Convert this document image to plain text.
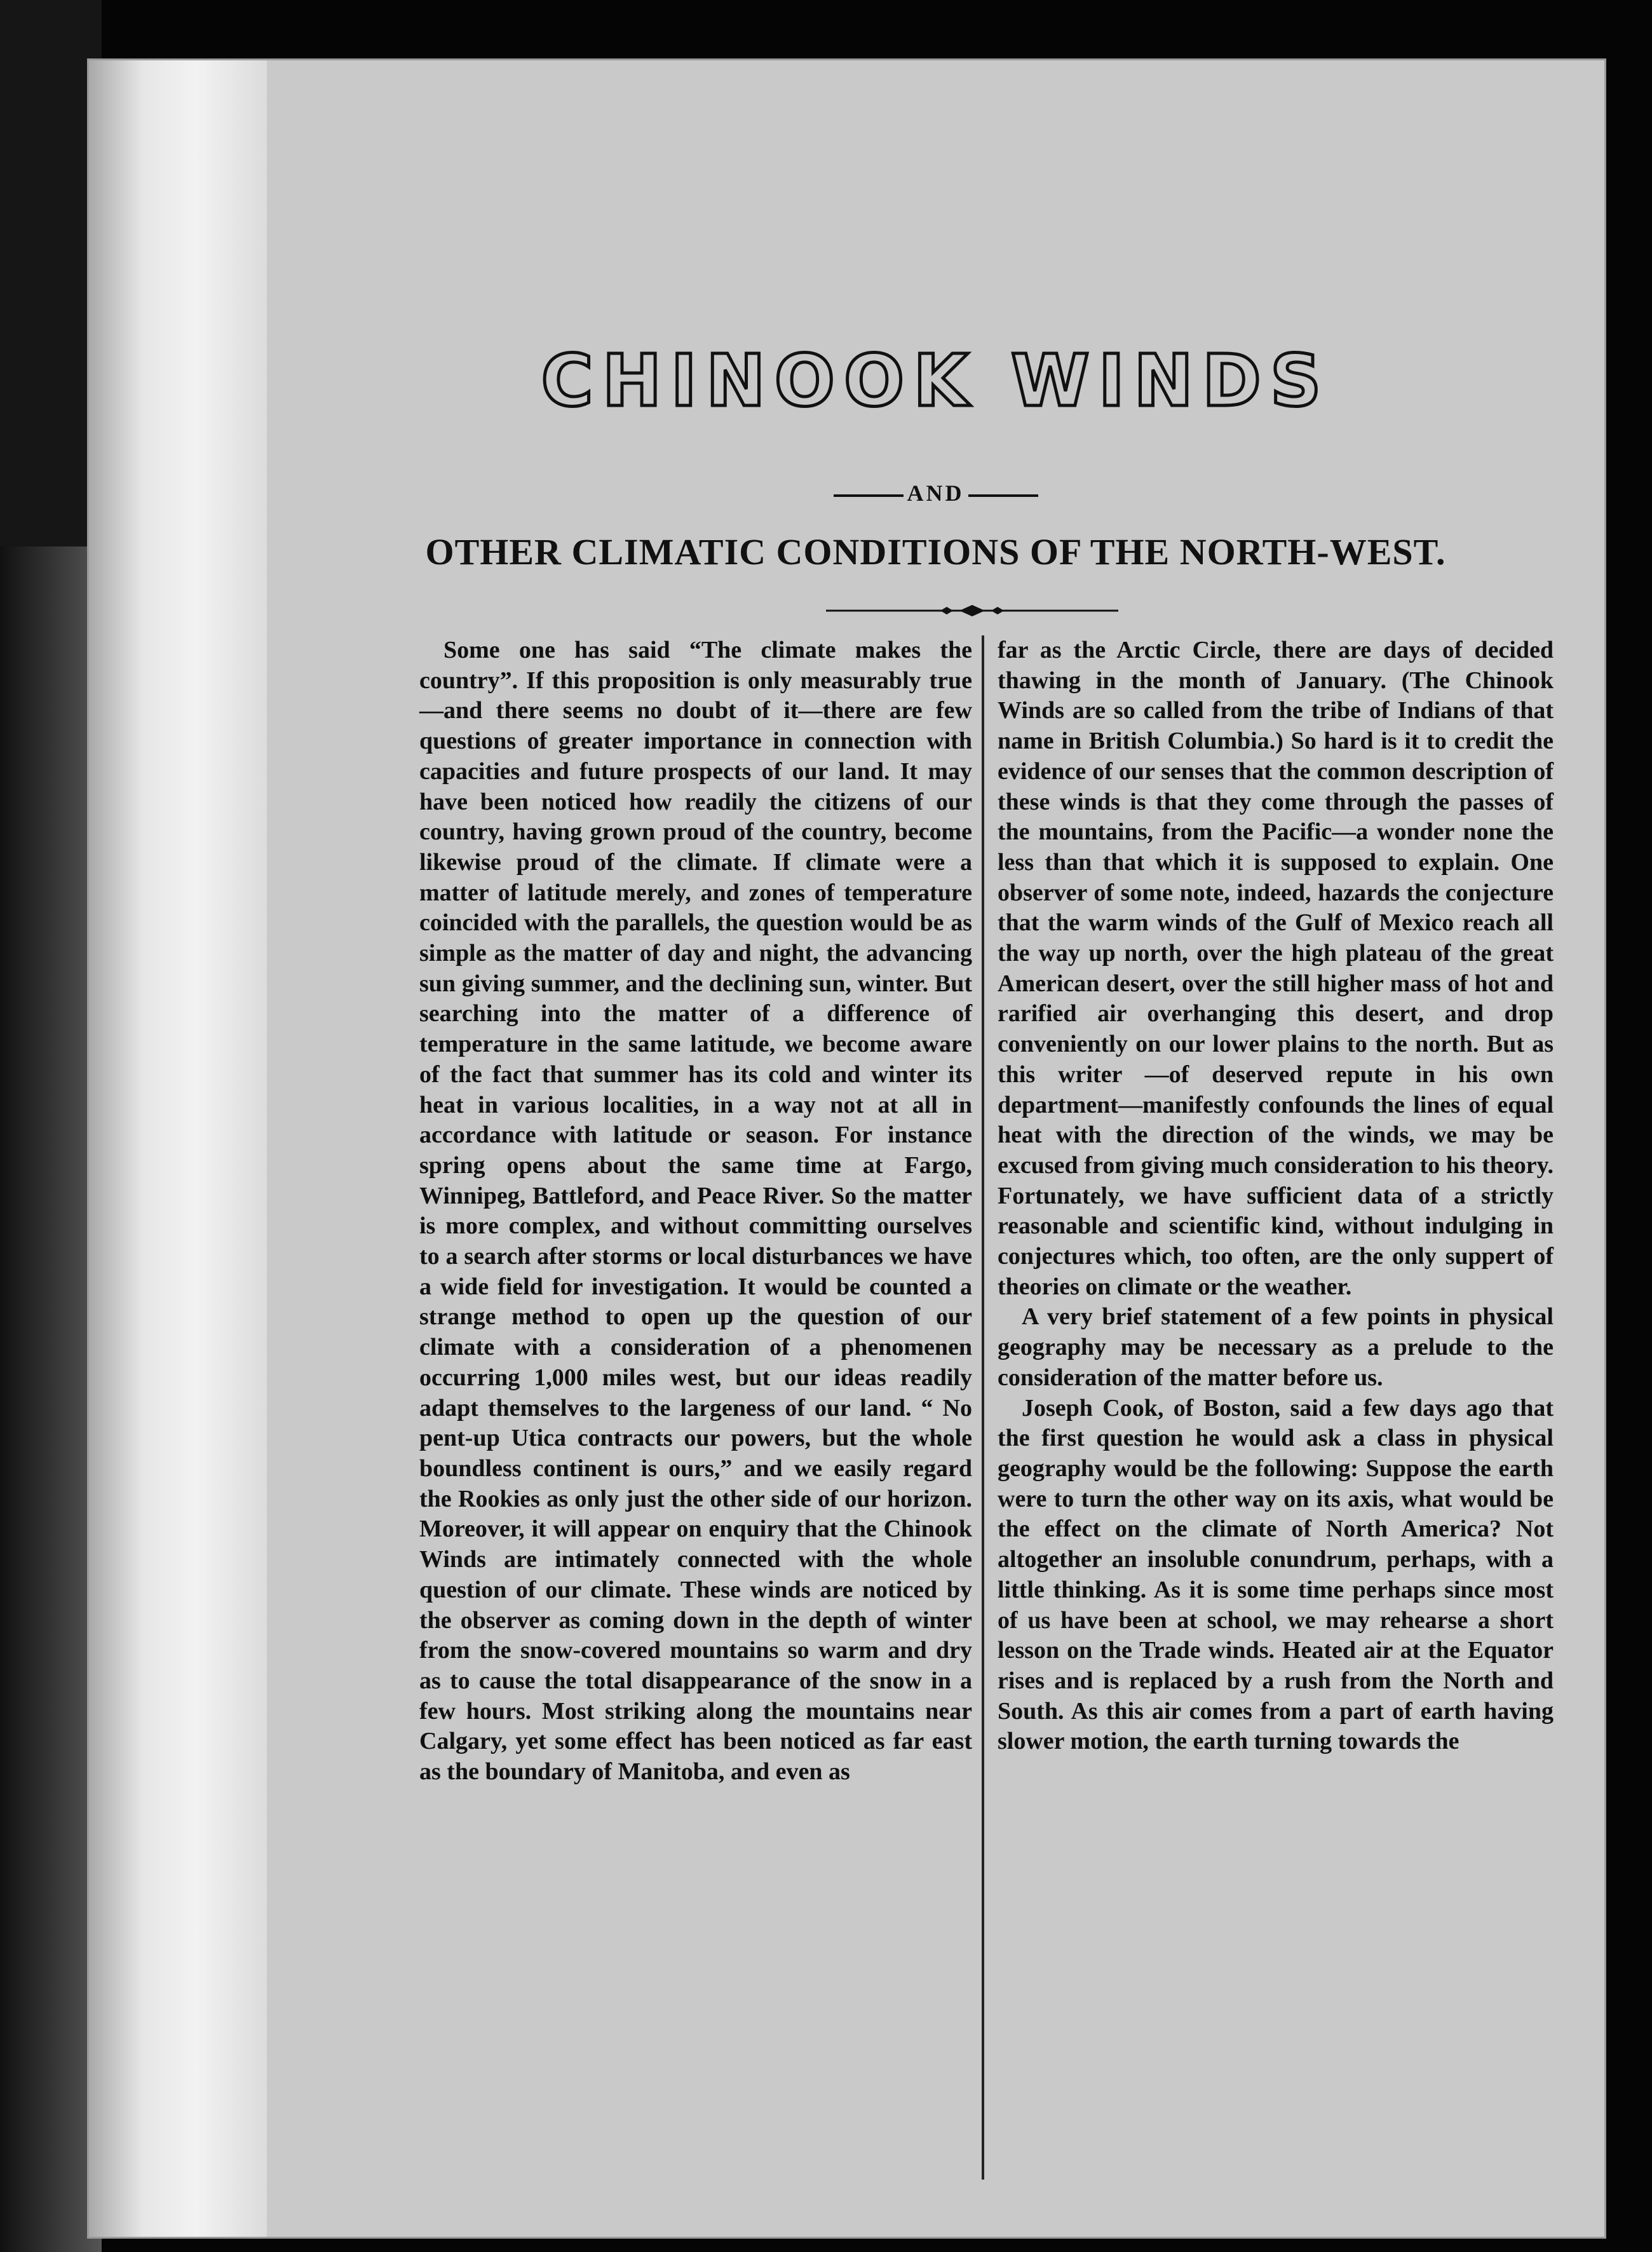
CHINOOK WINDS
AND
OTHER CLIMATIC CONDITIONS OF THE NORTH-WEST.

Some one has said “The climate makes the country”. If this proposition is only measurably true—and there seems no doubt of it—there are few questions of greater importance in connection with capacities and future prospects of our land. It may have been noticed how readily the citizens of our country, having grown proud of the country, become likewise proud of the climate. If climate were a matter of latitude merely, and zones of temperature coincided with the parallels, the question would be as simple as the matter of day and night, the advancing sun giving summer, and the declining sun, winter. But searching into the matter of a difference of temperature in the same latitude, we become aware of the fact that summer has its cold and winter its heat in various localities, in a way not at all in accordance with latitude or season. For instance spring opens about the same time at Fargo, Winnipeg, Battleford, and Peace River. So the matter is more complex, and without committing ourselves to a search after storms or local disturbances we have a wide field for investigation. It would be counted a strange method to open up the question of our climate with a consideration of a phenomenen occurring 1,000 miles west, but our ideas readily adapt themselves to the largeness of our land. “ No pent-up Utica contracts our powers, but the whole boundless continent is ours,” and we easily regard the Rookies as only just the other side of our horizon. Moreover, it will appear on enquiry that the Chinook Winds are intimately connected with the whole question of our climate. These winds are noticed by the observer as coming down in the depth of winter from the snow-covered mountains so warm and dry as to cause the total disappearance of the snow in a few hours. Most striking along the mountains near Calgary, yet some effect has been noticed as far east as the boundary of Manitoba, and even as

far as the Arctic Circle, there are days of decided thawing in the month of January. (The Chinook Winds are so called from the tribe of Indians of that name in British Columbia.) So hard is it to credit the evidence of our senses that the common description of these winds is that they come through the passes of the mountains, from the Pacific—a wonder none the less than that which it is supposed to explain. One observer of some note, indeed, hazards the conjecture that the warm winds of the Gulf of Mexico reach all the way up north, over the high plateau of the great American desert, over the still higher mass of hot and rarified air overhanging this desert, and drop conveniently on our lower plains to the north. But as this writer —of deserved repute in his own department—manifestly confounds the lines of equal heat with the direction of the winds, we may be excused from giving much consideration to his theory. Fortunately, we have sufficient data of a strictly reasonable and scientific kind, without indulging in conjectures which, too often, are the only suppert of theories on climate or the weather.

A very brief statement of a few points in physical geography may be necessary as a prelude to the consideration of the matter before us.

Joseph Cook, of Boston, said a few days ago that the first question he would ask a class in physical geography would be the following: Suppose the earth were to turn the other way on its axis, what would be the effect on the climate of North America? Not altogether an insoluble conundrum, perhaps, with a little thinking. As it is some time perhaps since most of us have been at school, we may rehearse a short lesson on the Trade winds. Heated air at the Equator rises and is replaced by a rush from the North and South. As this air comes from a part of earth having slower motion, the earth turning towards the
